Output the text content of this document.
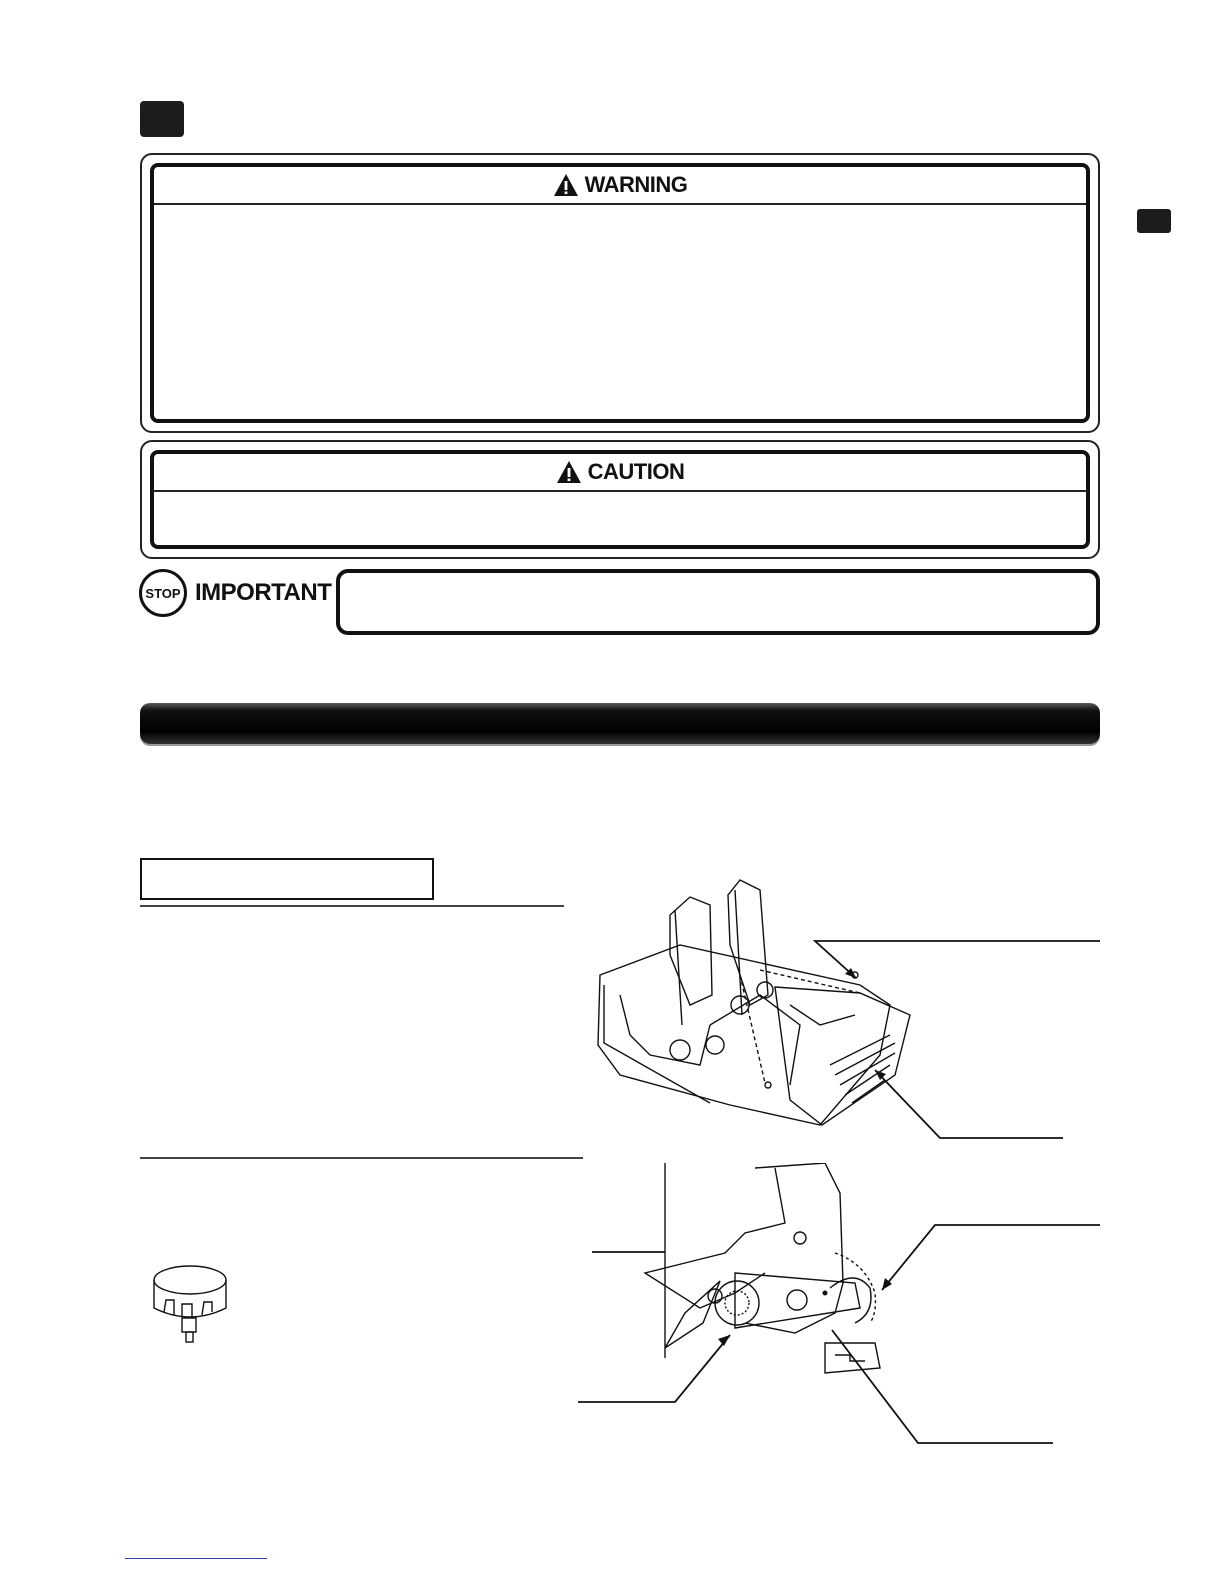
WARNING
CAUTION
STOP IMPORTANT
